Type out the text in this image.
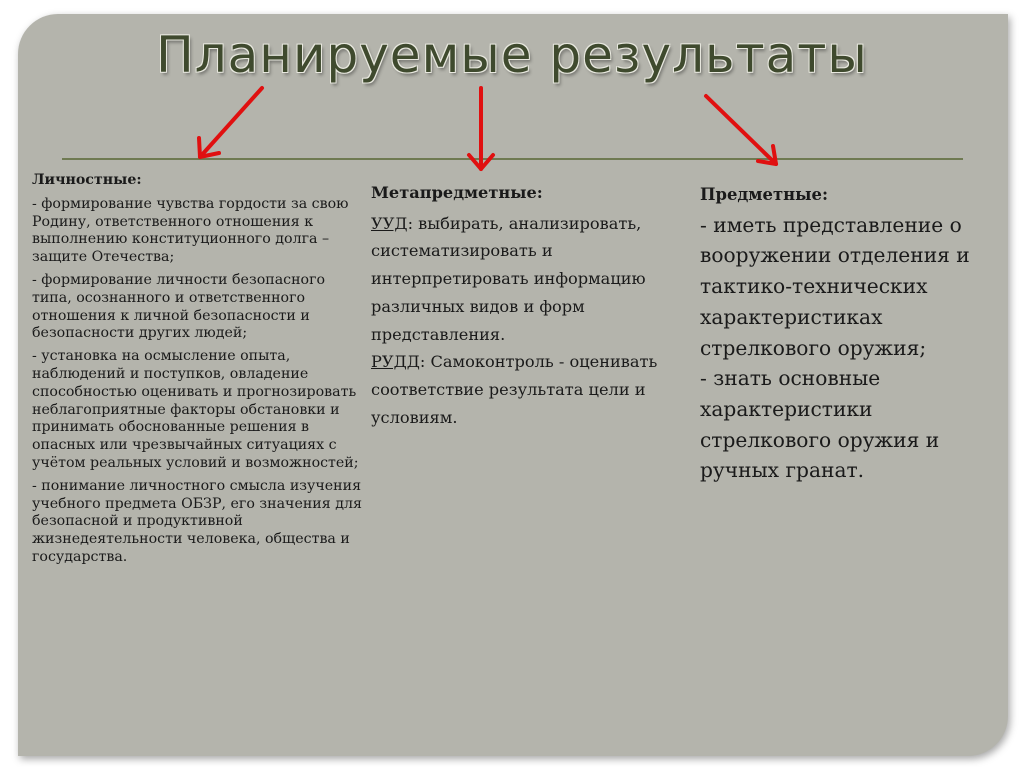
Планируемые результаты
Личностные:
- формирование чувства гордости за свою Родину, ответственного отношения к выполнению конституционного долга – защите Отечества;
- формирование личности безопасного типа, осознанного и ответственного отношения к личной безопасности и безопасности других людей;
- установка на осмысление опыта, наблюдений и поступков, овладение способностью оценивать и прогнозировать неблагоприятные факторы обстановки и принимать обоснованные решения в опасных или чрезвычайных ситуациях с учётом реальных условий и возможностей;
- понимание личностного смысла изучения учебного предмета ОБЗР, его значения для безопасной и продуктивной жизнедеятельности человека, общества и государства.
Метапредметные:
УУД: выбирать, анализировать, систематизировать и интерпретировать информацию различных видов и форм представления.
РУДД: Самоконтроль - оценивать соответствие результата цели и условиям.
Предметные:
- иметь представление о вооружении отделения и тактико-технических характеристиках стрелкового оружия;
- знать основные характеристики стрелкового оружия и ручных гранат.
